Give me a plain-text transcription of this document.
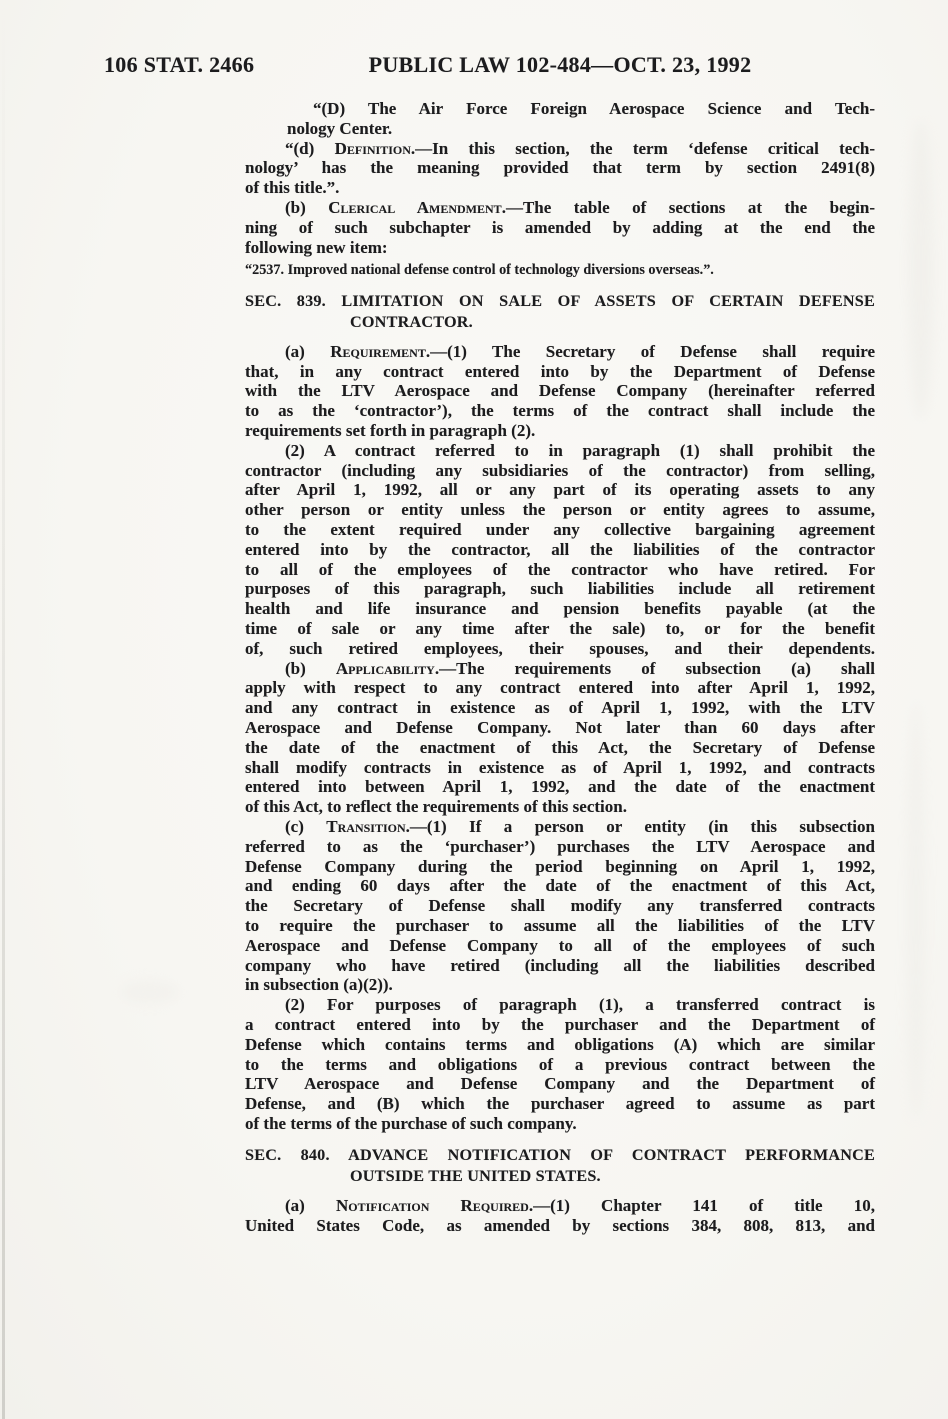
106 STAT. 2466	PUBLIC LAW 102-484—OCT. 23, 1992
“(D) The Air Force Foreign Aerospace Science and Tech-
nology Center.
“(d) Definition.—In this section, the term ‘defense critical tech-
nology’ has the meaning provided that term by section 2491(8)
of this title.”.
(b) Clerical Amendment.—The table of sections at the begin-
ning of such subchapter is amended by adding at the end the
following new item:
“2537. Improved national defense control of technology diversions overseas.”.
SEC. 839. LIMITATION ON SALE OF ASSETS OF CERTAIN DEFENSE
CONTRACTOR.
(a) Requirement.—(1) The Secretary of Defense shall require
that, in any contract entered into by the Department of Defense
with the LTV Aerospace and Defense Company (hereinafter referred
to as the ‘contractor’), the terms of the contract shall include the
requirements set forth in paragraph (2).
(2) A contract referred to in paragraph (1) shall prohibit the
contractor (including any subsidiaries of the contractor) from selling,
after April 1, 1992, all or any part of its operating assets to any
other person or entity unless the person or entity agrees to assume,
to the extent required under any collective bargaining agreement
entered into by the contractor, all the liabilities of the contractor
to all of the employees of the contractor who have retired. For
purposes of this paragraph, such liabilities include all retirement
health and life insurance and pension benefits payable (at the
time of sale or any time after the sale) to, or for the benefit
of, such retired employees, their spouses, and their dependents.
(b) Applicability.—The requirements of subsection (a) shall
apply with respect to any contract entered into after April 1, 1992,
and any contract in existence as of April 1, 1992, with the LTV
Aerospace and Defense Company. Not later than 60 days after
the date of the enactment of this Act, the Secretary of Defense
shall modify contracts in existence as of April 1, 1992, and contracts
entered into between April 1, 1992, and the date of the enactment
of this Act, to reflect the requirements of this section.
(c) Transition.—(1) If a person or entity (in this subsection
referred to as the ‘purchaser’) purchases the LTV Aerospace and
Defense Company during the period beginning on April 1, 1992,
and ending 60 days after the date of the enactment of this Act,
the Secretary of Defense shall modify any transferred contracts
to require the purchaser to assume all the liabilities of the LTV
Aerospace and Defense Company to all of the employees of such
company who have retired (including all the liabilities described
in subsection (a)(2)).
(2) For purposes of paragraph (1), a transferred contract is
a contract entered into by the purchaser and the Department of
Defense which contains terms and obligations (A) which are similar
to the terms and obligations of a previous contract between the
LTV Aerospace and Defense Company and the Department of
Defense, and (B) which the purchaser agreed to assume as part
of the terms of the purchase of such company.
SEC. 840. ADVANCE NOTIFICATION OF CONTRACT PERFORMANCE
OUTSIDE THE UNITED STATES.
(a) Notification Required.—(1) Chapter 141 of title 10,
United States Code, as amended by sections 384, 808, 813, and
